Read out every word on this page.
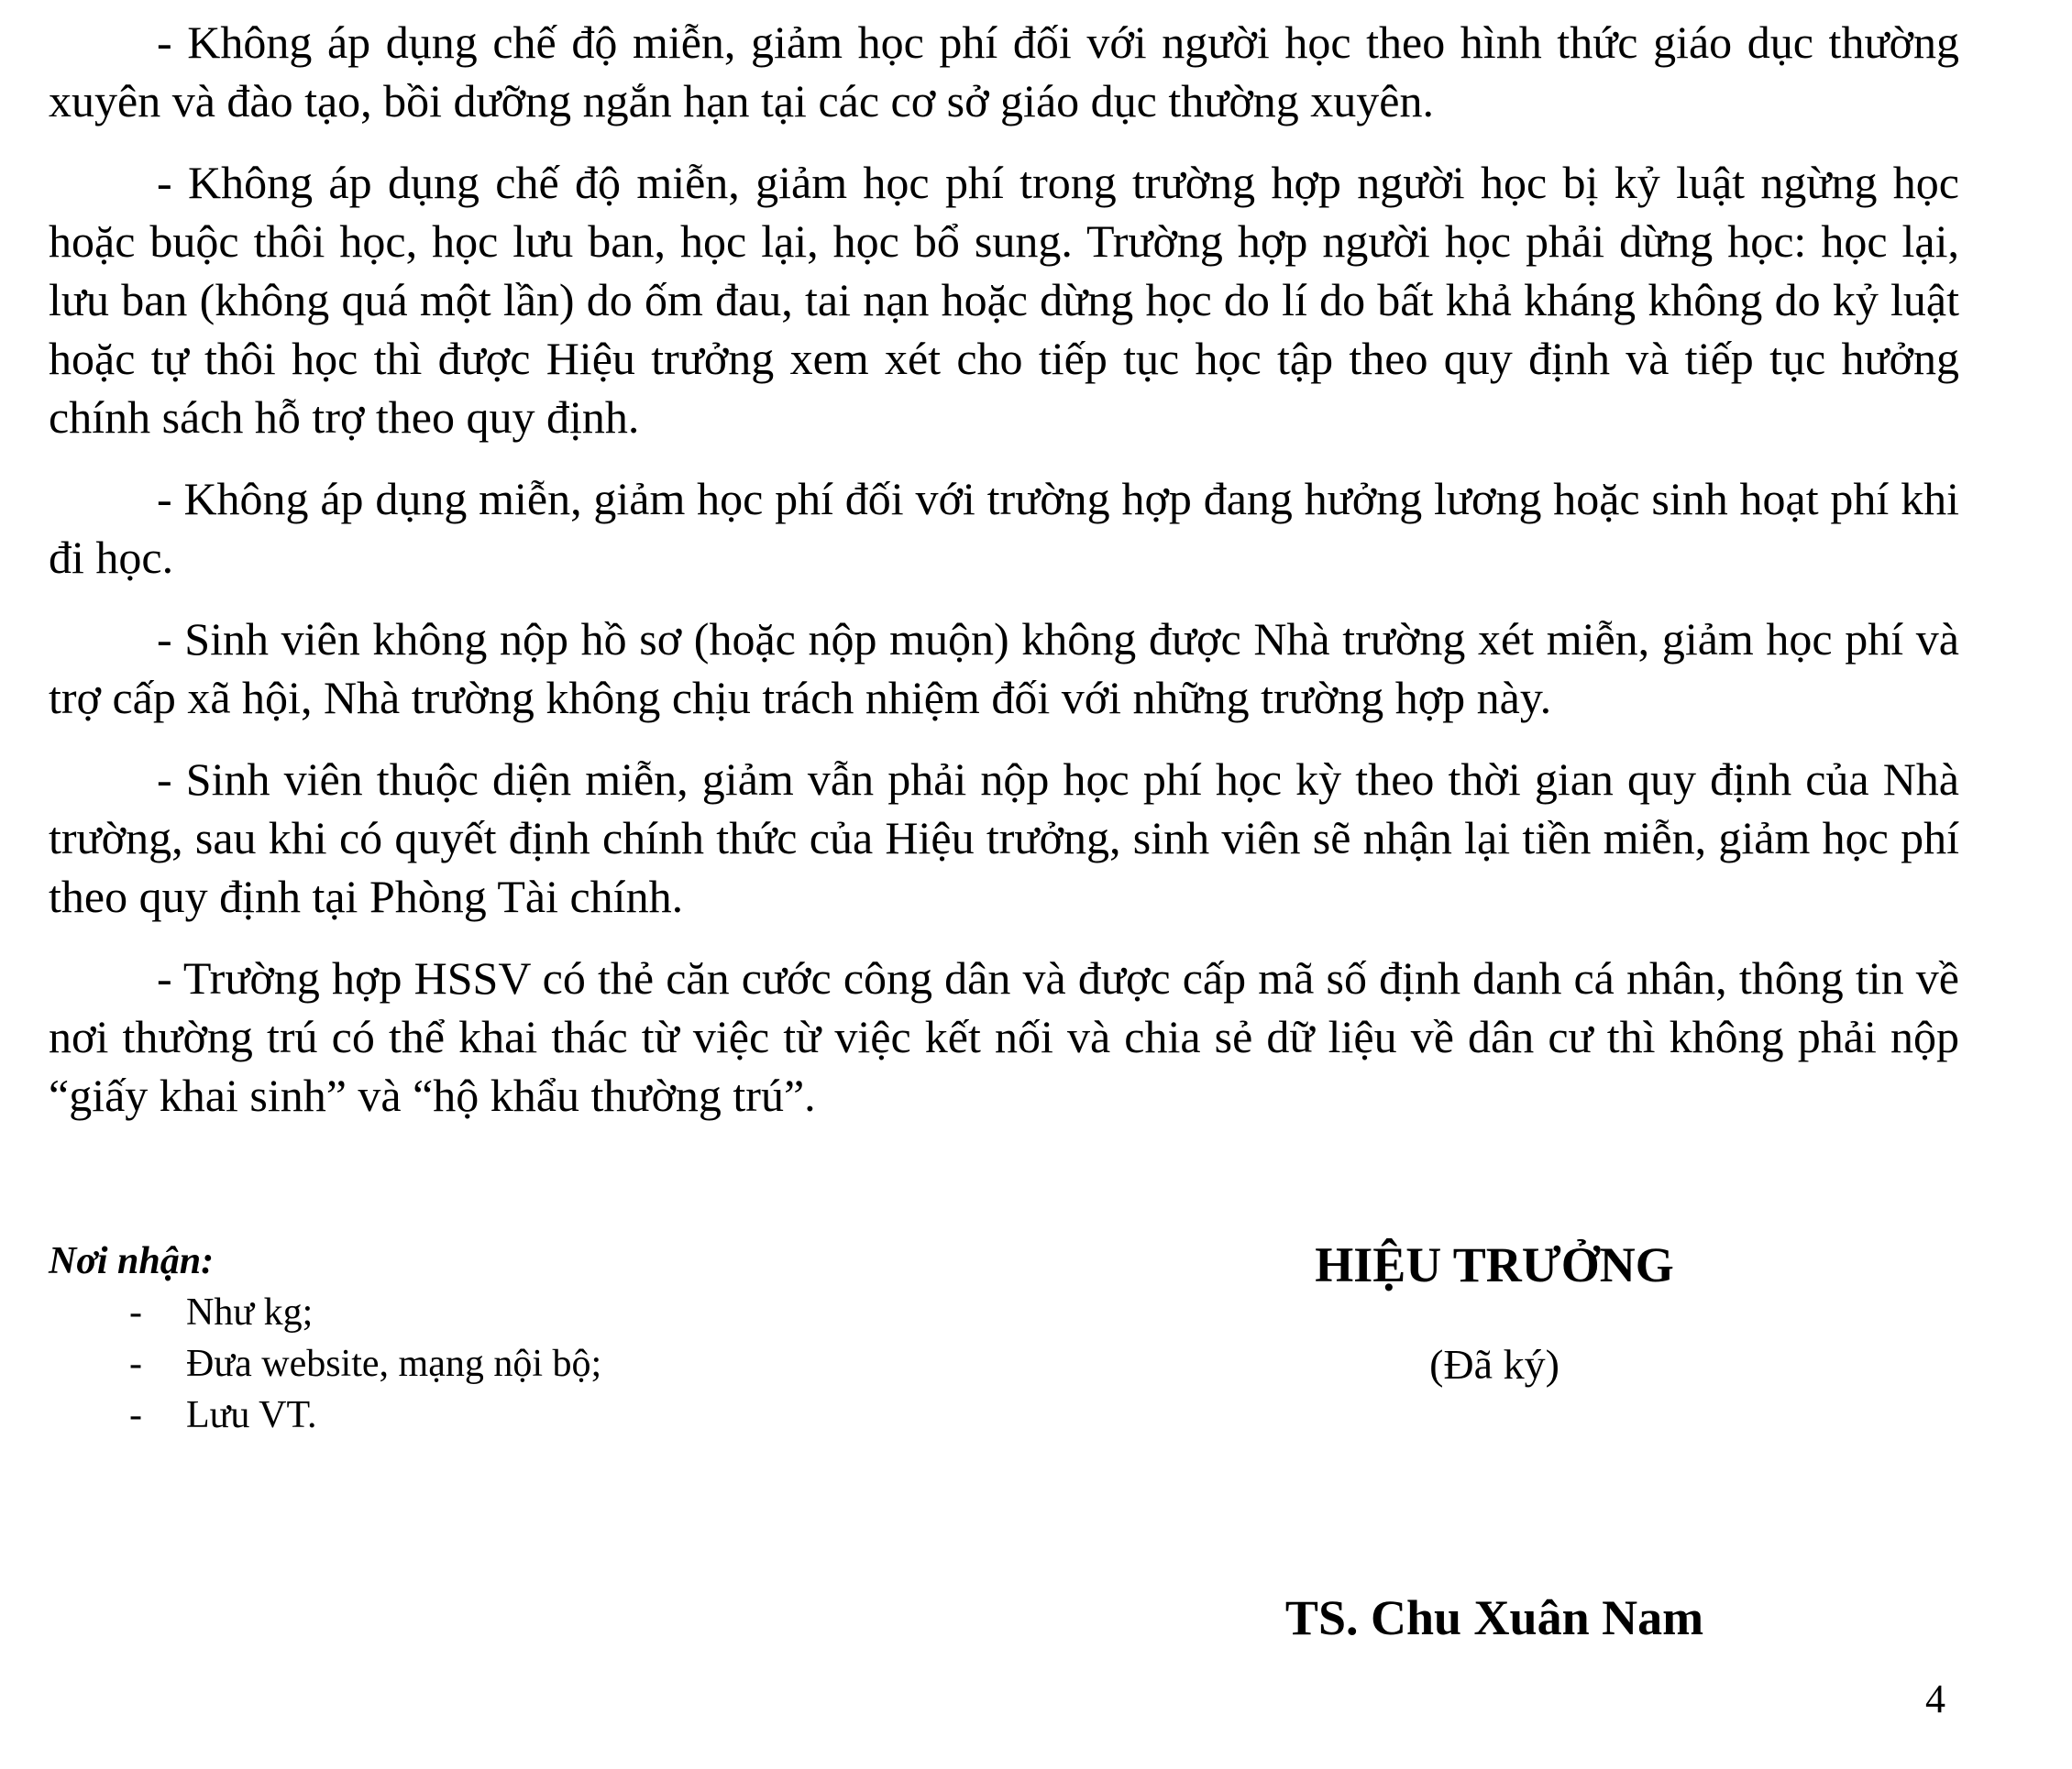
- Không áp dụng chế độ miễn, giảm học phí đối với người học theo hình thức giáo dục thường xuyên và đào tạo, bồi dưỡng ngắn hạn tại các cơ sở giáo dục thường xuyên.

- Không áp dụng chế độ miễn, giảm học phí trong trường hợp người học bị kỷ luật ngừng học hoặc buộc thôi học, học lưu ban, học lại, học bổ sung. Trường hợp người học phải dừng học: học lại, lưu ban (không quá một lần) do ốm đau, tai nạn hoặc dừng học do lí do bất khả kháng không do kỷ luật hoặc tự thôi học thì được Hiệu trưởng xem xét cho tiếp tục học tập theo quy định và tiếp tục hưởng chính sách hỗ trợ theo quy định.

- Không áp dụng miễn, giảm học phí đối với trường hợp đang hưởng lương hoặc sinh hoạt phí khi đi học.

- Sinh viên không nộp hồ sơ (hoặc nộp muộn) không được Nhà trường xét miễn, giảm học phí và trợ cấp xã hội, Nhà trường không chịu trách nhiệm đối với những trường hợp này.

- Sinh viên thuộc diện miễn, giảm vẫn phải nộp học phí học kỳ theo thời gian quy định của Nhà trường, sau khi có quyết định chính thức của Hiệu trưởng, sinh viên sẽ nhận lại tiền miễn, giảm học phí theo quy định tại Phòng Tài chính.

- Trường hợp HSSV có thẻ căn cước công dân và được cấp mã số định danh cá nhân, thông tin về nơi thường trú có thể khai thác từ việc từ việc kết nối và chia sẻ dữ liệu về dân cư thì không phải nộp “giấy khai sinh” và “hộ khẩu thường trú”.

Nơi nhận:

- Như kg;
- Đưa website, mạng nội bộ;
- Lưu VT.

HIỆU TRƯỞNG

(Đã ký)

TS. Chu Xuân Nam

4
